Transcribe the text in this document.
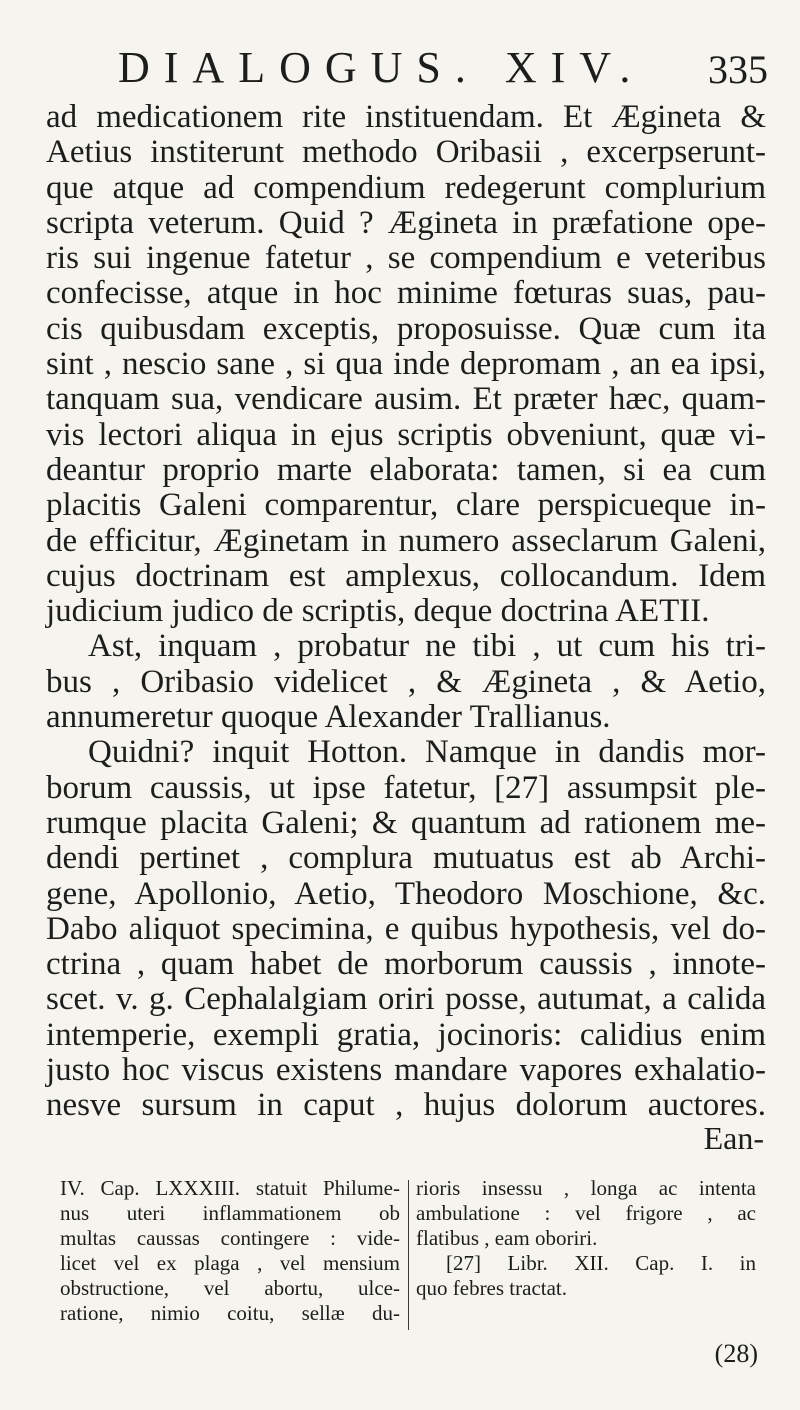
DIALOGUS. XIV. 335
ad medicationem rite instituendam. Et Ægineta &
Aetius institerunt methodo Oribasii , excerpserunt-
que atque ad compendium redegerunt complurium
scripta veterum. Quid ? Ægineta in præfatione ope-
ris sui ingenue fatetur , se compendium e veteribus
confecisse, atque in hoc minime fœturas suas, pau-
cis quibusdam exceptis, proposuisse. Quæ cum ita
sint , nescio sane , si qua inde depromam , an ea ipsi,
tanquam sua, vendicare ausim. Et præter hæc, quam-
vis lectori aliqua in ejus scriptis obveniunt, quæ vi-
deantur proprio marte elaborata: tamen, si ea cum
placitis Galeni comparentur, clare perspicueque in-
de efficitur, Æginetam in numero asseclarum Galeni,
cujus doctrinam est amplexus, collocandum. Idem
judicium judico de scriptis, deque doctrina AETII.
Ast, inquam , probatur ne tibi , ut cum his tri-
bus , Oribasio videlicet , & Ægineta , & Aetio,
annumeretur quoque Alexander Trallianus.
Quidni? inquit Hotton. Namque in dandis mor-
borum caussis, ut ipse fatetur, [27] assumpsit ple-
rumque placita Galeni; & quantum ad rationem me-
dendi pertinet , complura mutuatus est ab Archi-
gene, Apollonio, Aetio, Theodoro Moschione, &c.
Dabo aliquot specimina, e quibus hypothesis, vel do-
ctrina , quam habet de morborum caussis , innote-
scet. v. g. Cephalalgiam oriri posse, autumat, a calida
intemperie, exempli gratia, jocinoris: calidius enim
justo hoc viscus existens mandare vapores exhalatio-
nesve sursum in caput , hujus dolorum auctores.
Ean-
IV. Cap. LXXXIII. statuit Philume-
nus uteri inflammationem ob
multas caussas contingere : vide-
licet vel ex plaga , vel mensium
obstructione, vel abortu, ulce-
ratione, nimio coitu, sellæ du-
rioris insessu , longa ac intenta
ambulatione : vel frigore , ac
flatibus , eam oboriri.
[27] Libr. XII. Cap. I. in
quo febres tractat.
(28)
